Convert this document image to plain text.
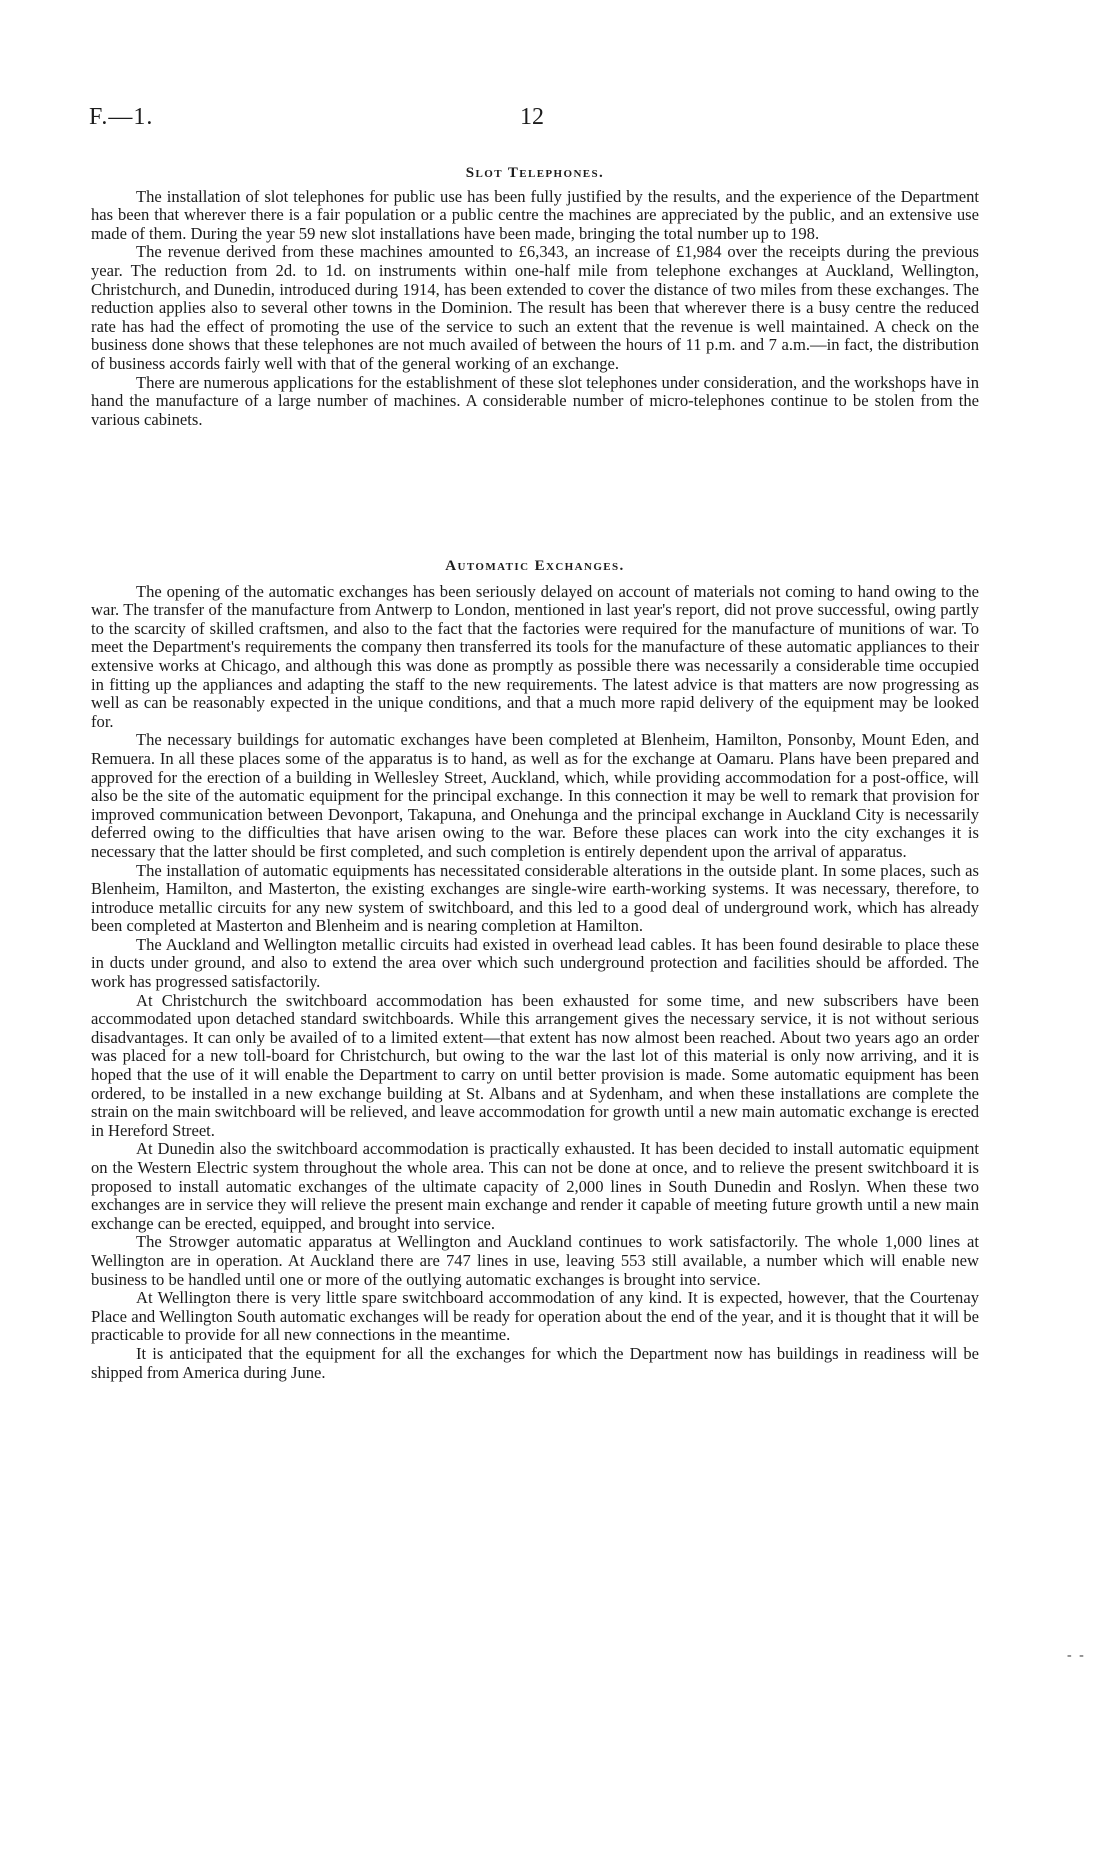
F.—1.	12
Slot Telephones.

The installation of slot telephones for public use has been fully justified by the results, and the experience of the Department has been that wherever there is a fair population or a public centre the machines are appreciated by the public, and an extensive use made of them. During the year 59 new slot installations have been made, bringing the total number up to 198.

The revenue derived from these machines amounted to £6,343, an increase of £1,984 over the receipts during the previous year. The reduction from 2d. to 1d. on instruments within one-half mile from telephone exchanges at Auckland, Wellington, Christchurch, and Dunedin, introduced during 1914, has been extended to cover the distance of two miles from these exchanges. The reduction applies also to several other towns in the Dominion. The result has been that wherever there is a busy centre the reduced rate has had the effect of promoting the use of the service to such an extent that the revenue is well maintained. A check on the business done shows that these telephones are not much availed of between the hours of 11 p.m. and 7 a.m.—in fact, the distribution of business accords fairly well with that of the general working of an exchange.

There are numerous applications for the establishment of these slot telephones under consideration, and the workshops have in hand the manufacture of a large number of machines. A considerable number of micro-telephones continue to be stolen from the various cabinets.

Automatic Exchanges.

The opening of the automatic exchanges has been seriously delayed on account of materials not coming to hand owing to the war. The transfer of the manufacture from Antwerp to London, mentioned in last year's report, did not prove successful, owing partly to the scarcity of skilled craftsmen, and also to the fact that the factories were required for the manufacture of munitions of war. To meet the Department's requirements the company then transferred its tools for the manufacture of these automatic appliances to their extensive works at Chicago, and although this was done as promptly as possible there was necessarily a considerable time occupied in fitting up the appliances and adapting the staff to the new requirements. The latest advice is that matters are now progressing as well as can be reasonably expected in the unique conditions, and that a much more rapid delivery of the equipment may be looked for.

The necessary buildings for automatic exchanges have been completed at Blenheim, Hamilton, Ponsonby, Mount Eden, and Remuera. In all these places some of the apparatus is to hand, as well as for the exchange at Oamaru. Plans have been prepared and approved for the erection of a building in Wellesley Street, Auckland, which, while providing accommodation for a post-office, will also be the site of the automatic equipment for the principal exchange. In this connection it may be well to remark that provision for improved communication between Devonport, Takapuna, and Onehunga and the principal exchange in Auckland City is necessarily deferred owing to the difficulties that have arisen owing to the war. Before these places can work into the city exchanges it is necessary that the latter should be first completed, and such completion is entirely dependent upon the arrival of apparatus.

The installation of automatic equipments has necessitated considerable alterations in the outside plant. In some places, such as Blenheim, Hamilton, and Masterton, the existing exchanges are single-wire earth-working systems. It was necessary, therefore, to introduce metallic circuits for any new system of switchboard, and this led to a good deal of underground work, which has already been completed at Masterton and Blenheim and is nearing completion at Hamilton.

The Auckland and Wellington metallic circuits had existed in overhead lead cables. It has been found desirable to place these in ducts under ground, and also to extend the area over which such underground protection and facilities should be afforded. The work has progressed satisfactorily.

At Christchurch the switchboard accommodation has been exhausted for some time, and new subscribers have been accommodated upon detached standard switchboards. While this arrangement gives the necessary service, it is not without serious disadvantages. It can only be availed of to a limited extent—that extent has now almost been reached. About two years ago an order was placed for a new toll-board for Christchurch, but owing to the war the last lot of this material is only now arriving, and it is hoped that the use of it will enable the Department to carry on until better provision is made. Some automatic equipment has been ordered, to be installed in a new exchange building at St. Albans and at Sydenham, and when these installations are complete the strain on the main switchboard will be relieved, and leave accommodation for growth until a new main automatic exchange is erected in Hereford Street.

At Dunedin also the switchboard accommodation is practically exhausted. It has been decided to install automatic equipment on the Western Electric system throughout the whole area. This can not be done at once, and to relieve the present switchboard it is proposed to install automatic exchanges of the ultimate capacity of 2,000 lines in South Dunedin and Roslyn. When these two exchanges are in service they will relieve the present main exchange and render it capable of meeting future growth until a new main exchange can be erected, equipped, and brought into service.

The Strowger automatic apparatus at Wellington and Auckland continues to work satisfactorily. The whole 1,000 lines at Wellington are in operation. At Auckland there are 747 lines in use, leaving 553 still available, a number which will enable new business to be handled until one or more of the outlying automatic exchanges is brought into service.

At Wellington there is very little spare switchboard accommodation of any kind. It is expected, however, that the Courtenay Place and Wellington South automatic exchanges will be ready for operation about the end of the year, and it is thought that it will be practicable to provide for all new connections in the meantime.

It is anticipated that the equipment for all the exchanges for which the Department now has buildings in readiness will be shipped from America during June.

- -
